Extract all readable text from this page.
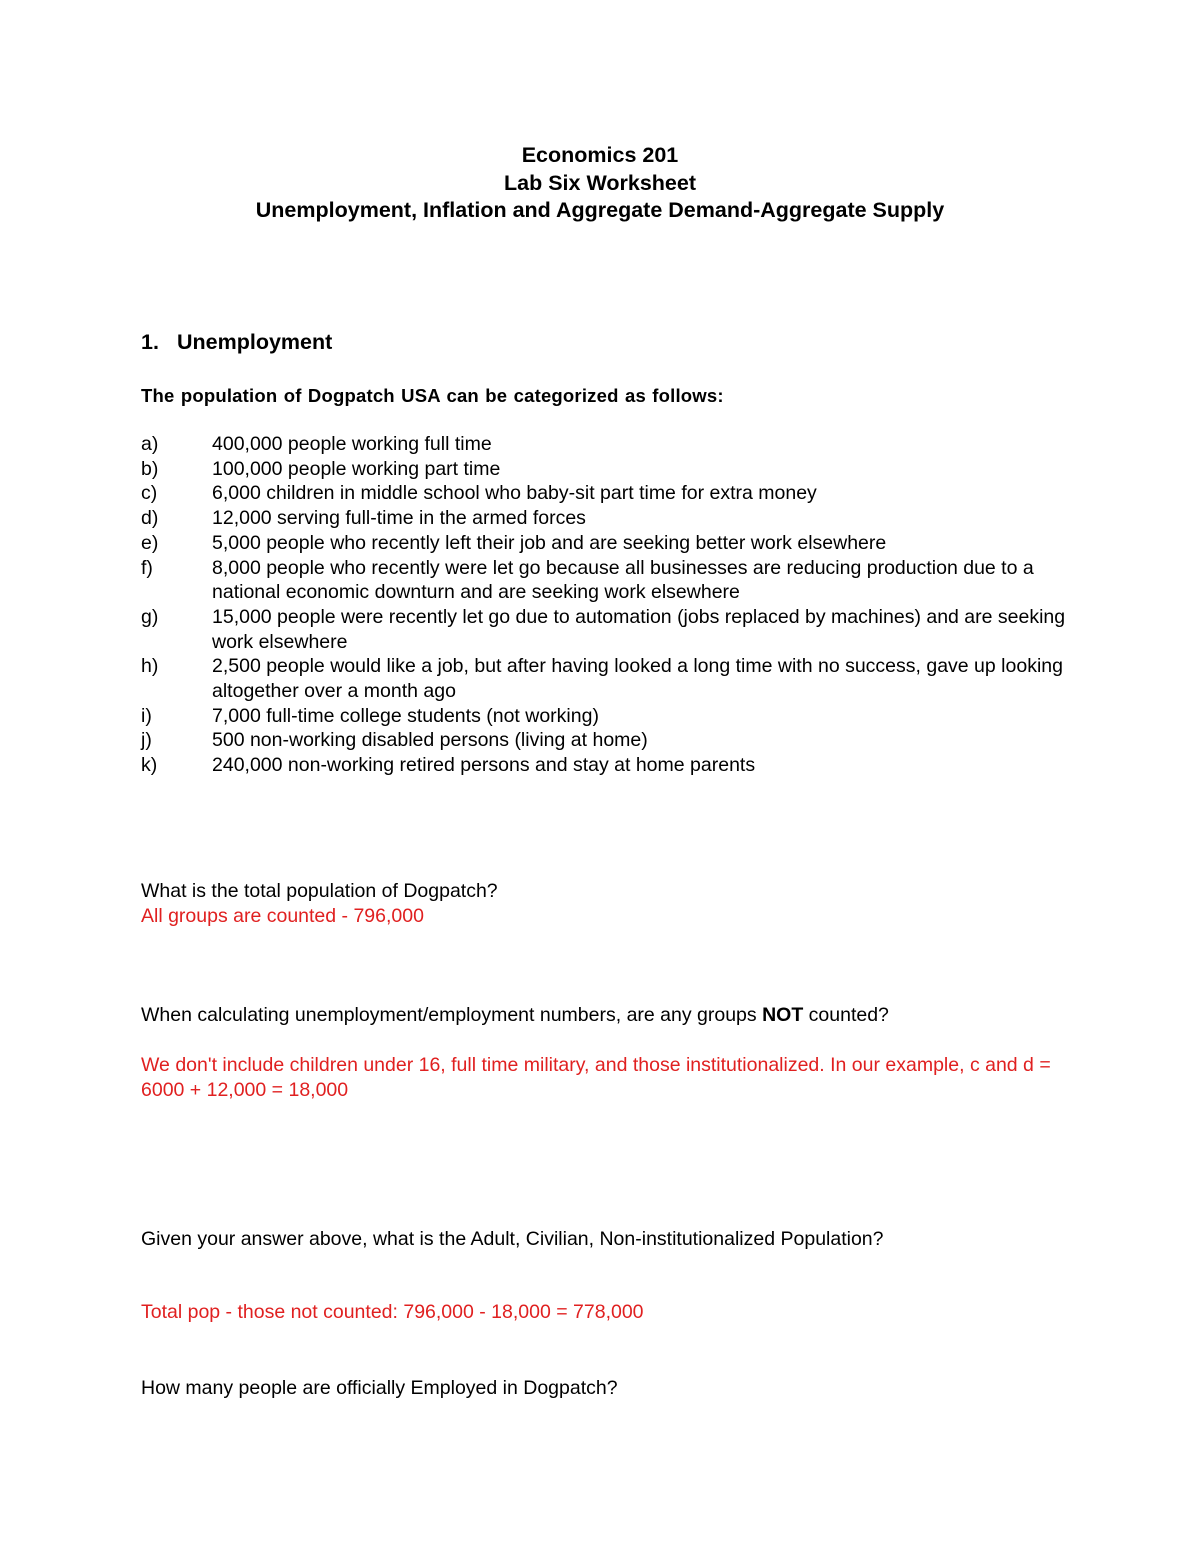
Economics 201
Lab Six Worksheet
Unemployment, Inflation and Aggregate Demand-Aggregate Supply
1. Unemployment
The population of Dogpatch USA can be categorized as follows:
a)	400,000 people working full time
b)	100,000 people working part time
c)	6,000 children in middle school who baby-sit part time for extra money
d)	12,000 serving full-time in the armed forces
e)	5,000 people who recently left their job and are seeking better work elsewhere
f)	8,000 people who recently were let go because all businesses are reducing production due to a national economic downturn and are seeking work elsewhere
g)	15,000 people were recently let go due to automation (jobs replaced by machines) and are seeking work elsewhere
h)	2,500 people would like a job, but after having looked a long time with no success, gave up looking altogether over a month ago
i)	7,000 full-time college students (not working)
j)	500 non-working disabled persons (living at home)
k)	240,000 non-working retired persons and stay at home parents
What is the total population of Dogpatch?
All groups are counted - 796,000
When calculating unemployment/employment numbers, are any groups NOT counted?
We don't include children under 16, full time military, and those institutionalized. In our example, c and d = 6000 + 12,000 = 18,000
Given your answer above, what is the Adult, Civilian, Non-institutionalized Population?
Total pop - those not counted: 796,000 - 18,000 = 778,000
How many people are officially Employed in Dogpatch?
